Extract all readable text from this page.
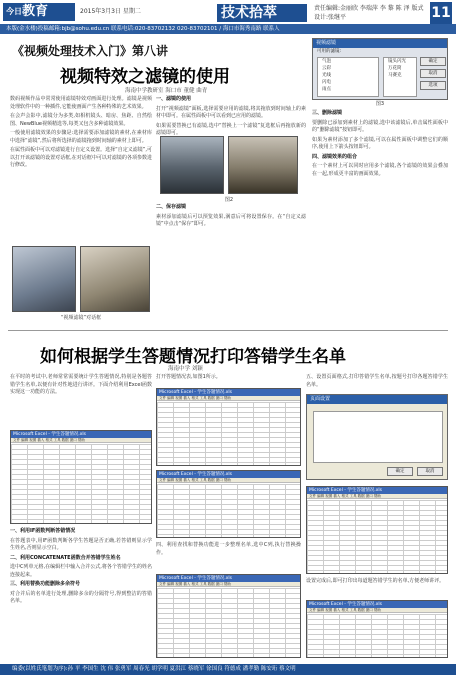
$^{今日}$教育	2015年3月3日 星期二	技术拾萃	责任编辑:金丽欣 李瑞萍 李 黎 陈 泽 版式设计:张继平	11
本版(金水楼)投稿邮箱:bjb@sohu.edu.cn 联系电话:020-83702132 020-83702101 / 海口市海秀南路 联系人
《视频处理技术入门》第八讲
视频特效之滤镜的使用
海南中学教研室 海口市 董健 曲青

数码视频作品中常常使用滤镜特效对画面进行处理。滤镜是视频处理软件中的一种插件,它能使画面产生各种特殊的艺术效果。

在会声会影中,滤镜分为多类,如相机镜头、暗房、焦距、自然绘图、NewBlue视频精选等,每类又包含多种滤镜效果。

一般使用滤镜效果的步骤是:选择需要添加滤镜的素材,在素材库中选择“滤镜”,然后将所选择的滤镜拖到时间轴的素材上即可。

在属性面板中可以对滤镜进行自定义设置。选择“自定义滤镜”,可以打开该滤镜的设置对话框,在对话框中可以对滤镜的各项参数进行修改。

“视频滤镜”对话框

一、滤镜的使用

打开“视频滤镜”面板,选择需要应用的滤镜,将其拖放到时间轴上的素材中即可。在属性面板中可以看到已应用的滤镜。

如果需要替换已有滤镜,选中“替换上一个滤镜”复选框后再拖放新的滤镜即可。

图2

二、保存滤镜

素材添加滤镜后可以预览效果,满意后可将设置保存。在“自定义滤镜”中点击“保存”即可。

视频滤镜
可用的滤镜:
气泡
云彩
光线
闪电
雨点
镜头闪光
万花筒
马赛克
确定
取消
选项
图3

三、删除滤镜

要删除已添加到素材上的滤镜,选中该滤镜后,单击属性面板中的“删除滤镜”按钮即可。

如果为素材添加了多个滤镜,可以在属性面板中调整它们的顺序,使用上下箭头按钮即可。

四、滤镜效果的组合

在一个素材上可以同时应用多个滤镜,各个滤镜的效果会叠加在一起,形成更丰富的画面效果。

如何根据学生答题情况打印答错学生名单
海南中学 刘颖

在平时的考试中,老师常常需要统计学生答题情况,特别是各题答错学生名单,以便有针对性地进行讲评。下面介绍利用Excel函数实现这一功能的方法。

Microsoft Excel - 学生答题情况.xls
文件 编辑 视图 插入 格式 工具 数据 窗口 帮助

一、利用IF函数判断答错情况

在答题表中,用IF函数判断各学生答题是否正确,若答错则显示学生姓名,否则显示空白。

二、利用CONCATENATE函数合并答错学生姓名

选中C列单元格,在编辑栏中输入合并公式,将各个答错学生的姓名连接起来。

三、利用替换功能删除多余符号

对合并后的名单进行处理,删除多余的分隔符号,得到整洁的答错名单。

打开答题情况表,如图1所示。

Microsoft Excel - 学生答题情况.xls
文件 编辑 视图 插入 格式 工具 数据 窗口 帮助
Microsoft Excel - 学生答题情况.xls
文件 编辑 视图 插入 格式 工具 数据 窗口 帮助

四、利用查找和替换功能进一步整理名单,选中C列,执行替换操作。

Microsoft Excel - 学生答题情况.xls
文件 编辑 视图 插入 格式 工具 数据 窗口 帮助

五、设置页面格式,打印答错学生名单,按题号打印各题答错学生名单。

页面设置
确定	取消
Microsoft Excel - 学生答题情况.xls
文件 编辑 视图 插入 格式 工具 数据 窗口 帮助

设置完成后,即可打印出每道题答错学生的名单,方便老师讲评。

Microsoft Excel - 学生答题情况.xls
文件 编辑 视图 插入 格式 工具 数据 窗口 帮助
编委(以姓氏笔划为序):孙 平 李国生 沈 伟 张勇军 周春光 胡学明 夏洪江 蔡晓军 徐国良 符德成 潘孝勤 陈安珩 蔡文明
